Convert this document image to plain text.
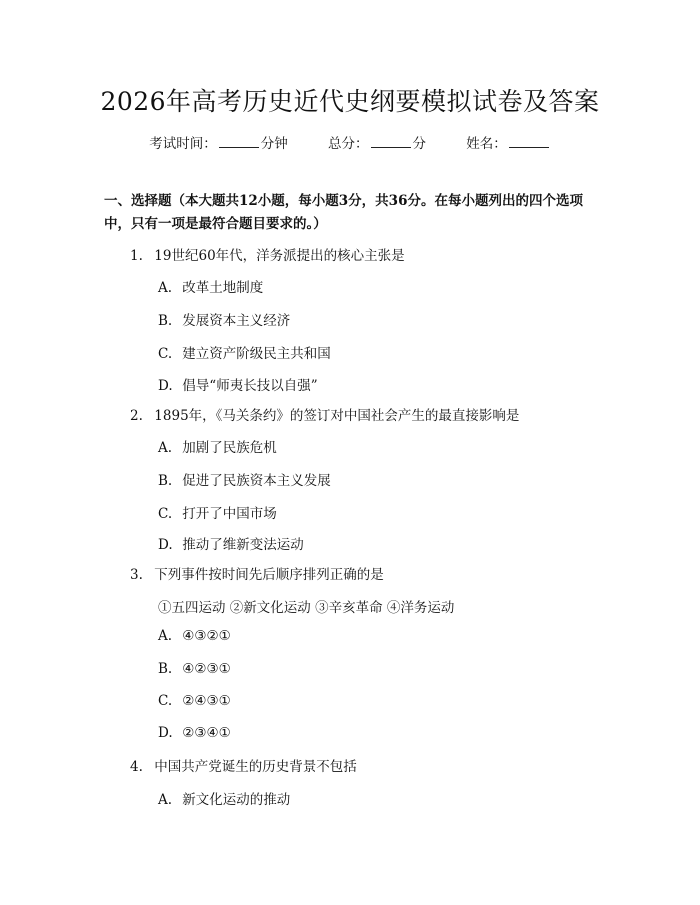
2026年高考历史近代史纲要模拟试卷及答案
考试时间：	分钟	总分：	分	姓名：
一、选择题（本大题共12小题，每小题3分，共36分。在每小题列出的四个选项中，只有一项是最符合题目要求的。）
1. 19世纪60年代，洋务派提出的核心主张是
A. 改革土地制度
B. 发展资本主义经济
C. 建立资产阶级民主共和国
D. 倡导“师夷长技以自强”
2. 1895年，《马关条约》的签订对中国社会产生的最直接影响是
A. 加剧了民族危机
B. 促进了民族资本主义发展
C. 打开了中国市场
D. 推动了维新变法运动
3. 下列事件按时间先后顺序排列正确的是
①五四运动 ②新文化运动 ③辛亥革命 ④洋务运动
A. ④③②①
B. ④②③①
C. ②④③①
D. ②③④①
4. 中国共产党诞生的历史背景不包括
A. 新文化运动的推动
